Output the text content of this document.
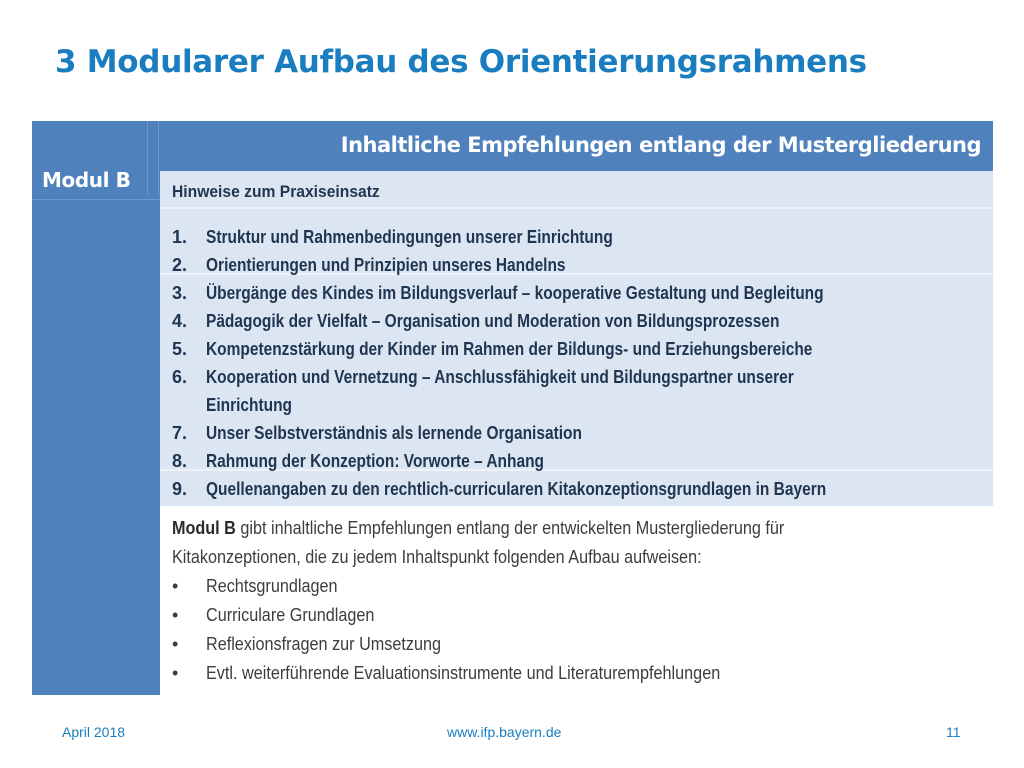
3 Modularer Aufbau des Orientierungsrahmens
Modul B
Inhaltliche Empfehlungen entlang der Mustergliederung
Hinweise zum Praxiseinsatz
1. Struktur und Rahmenbedingungen unserer Einrichtung
2. Orientierungen und Prinzipien unseres Handelns
3. Übergänge des Kindes im Bildungsverlauf – kooperative Gestaltung und Begleitung
4. Pädagogik der Vielfalt – Organisation und Moderation von Bildungsprozessen
5. Kompetenzstärkung der Kinder im Rahmen der Bildungs- und Erziehungsbereiche
6. Kooperation und Vernetzung – Anschlussfähigkeit und Bildungspartner unserer
Einrichtung
7. Unser Selbstverständnis als lernende Organisation
8. Rahmung der Konzeption: Vorworte – Anhang
9. Quellenangaben zu den rechtlich-curricularen Kitakonzeptionsgrundlagen in Bayern
Modul B gibt inhaltliche Empfehlungen entlang der entwickelten Mustergliederung für
Kitakonzeptionen, die zu jedem Inhaltspunkt folgenden Aufbau aufweisen:
• Rechtsgrundlagen
• Curriculare Grundlagen
• Reflexionsfragen zur Umsetzung
• Evtl. weiterführende Evaluationsinstrumente und Literaturempfehlungen
April 2018	www.ifp.bayern.de	11
